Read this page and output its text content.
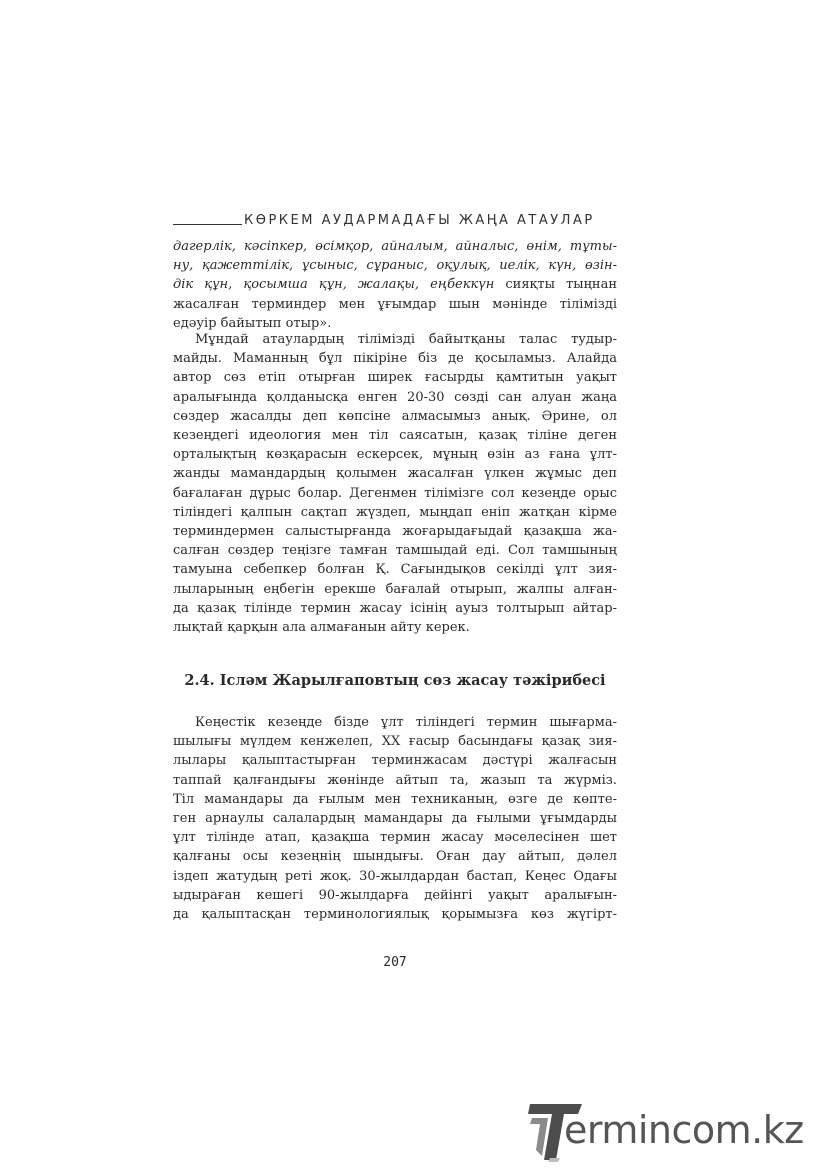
КӨРКЕМ АУДАРМАДАҒЫ ЖАҢА АТАУЛАР
дагерлік, кәсіпкер, өсімқор, айналым, айналыс, өнім, тұты-
ну, қажеттілік, ұсыныс, сұраныс, оқулық, иелік, күн, өзін-
дік құн, қосымша құн, жалақы, еңбеккүн сияқты тыңнан
жасалған терминдер мен ұғымдар шын мәнінде тілімізді
едәуір байытып отыр».
Мұндай атаулардың тілімізді байытқаны талас тудыр-
майды. Маманның бұл пікіріне біз де қосыламыз. Алайда
автор сөз етіп отырған ширек ғасырды қамтитын уақыт
аралығында қолданысқа енген 20-30 сөзді сан алуан жаңа
сөздер жасалды деп көпсіне алмасымыз анық. Әрине, ол
кезеңдегі идеология мен тіл саясатын, қазақ тіліне деген
орталықтың көзқарасын ескерсек, мұның өзін аз ғана ұлт-
жанды мамандардың қолымен жасалған үлкен жұмыс деп
бағалаған дұрыс болар. Дегенмен тілімізге сол кезеңде орыс
тіліндегі қалпын сақтап жүздеп, мыңдап еніп жатқан кірме
терминдермен салыстырғанда жоғарыдағыдай қазақша жа-
салған сөздер теңізге тамған тамшыдай еді. Сол тамшының
тамуына себепкер болған Қ. Сағындықов секілді ұлт зия-
лыларының еңбегін ерекше бағалай отырып, жалпы алған-
да қазақ тілінде термин жасау ісінің ауыз толтырып айтар-
лықтай қарқын ала алмағанын айту керек.
2.4. Іслəм Жарылғаповтың сөз жасау тəжірибесі
Кеңестік кезеңде бізде ұлт тіліндегі термин шығарма-
шылығы мүлдем кенжелеп, ХХ ғасыр басындағы қазақ зия-
лылары қалыптастырған терминжасам дәстүрі жалғасын
таппай қалғандығы жөнінде айтып та, жазып та жүрміз.
Тіл мамандары да ғылым мен техниканың, өзге де көпте-
ген арнаулы салалардың мамандары да ғылыми ұғымдарды
ұлт тілінде атап, қазақша термин жасау мәселесінен шет
қалғаны осы кезеңнің шындығы. Оған дау айтып, дәлел
іздеп жатудың реті жоқ. 30-жылдардан бастап, Кеңес Одағы
ыдыраған кешегі 90-жылдарға дейінгі уақыт аралығын-
да қалыптасқан терминологиялық қорымызға көз жүгірт-
207
ermincom.kz
